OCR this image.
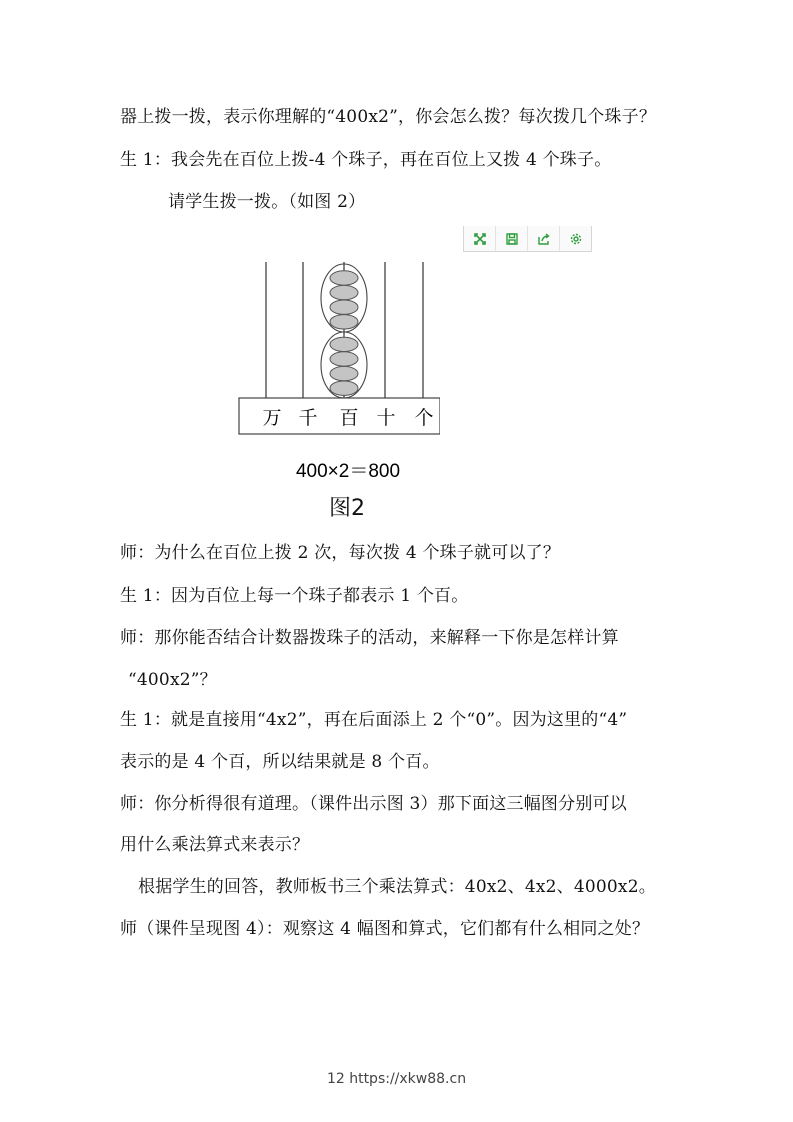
器上拨一拨，表示你理解的“400x2”，你会怎么拨？每次拨几个珠子？
生 1：我会先在百位上拨-4 个珠子，再在百位上又拨 4 个珠子。
请学生拨一拨。（如图 2）
万 千 百 十 个
400×2＝800
图2
师：为什么在百位上拨 2 次，每次拨 4 个珠子就可以了？
生 1：因为百位上每一个珠子都表示 1 个百。
师：那你能否结合计数器拨珠子的活动，来解释一下你是怎样计算
“400x2”？
生 1：就是直接用“4x2”，再在后面添上 2 个“0”。因为这里的“4”
表示的是 4 个百，所以结果就是 8 个百。
师：你分析得很有道理。（课件出示图 3）那下面这三幅图分别可以
用什么乘法算式来表示？
根据学生的回答，教师板书三个乘法算式：40x2、4x2、4000x2。
师（课件呈现图 4）：观察这 4 幅图和算式，它们都有什么相同之处？
12 https://xkw88.cn
